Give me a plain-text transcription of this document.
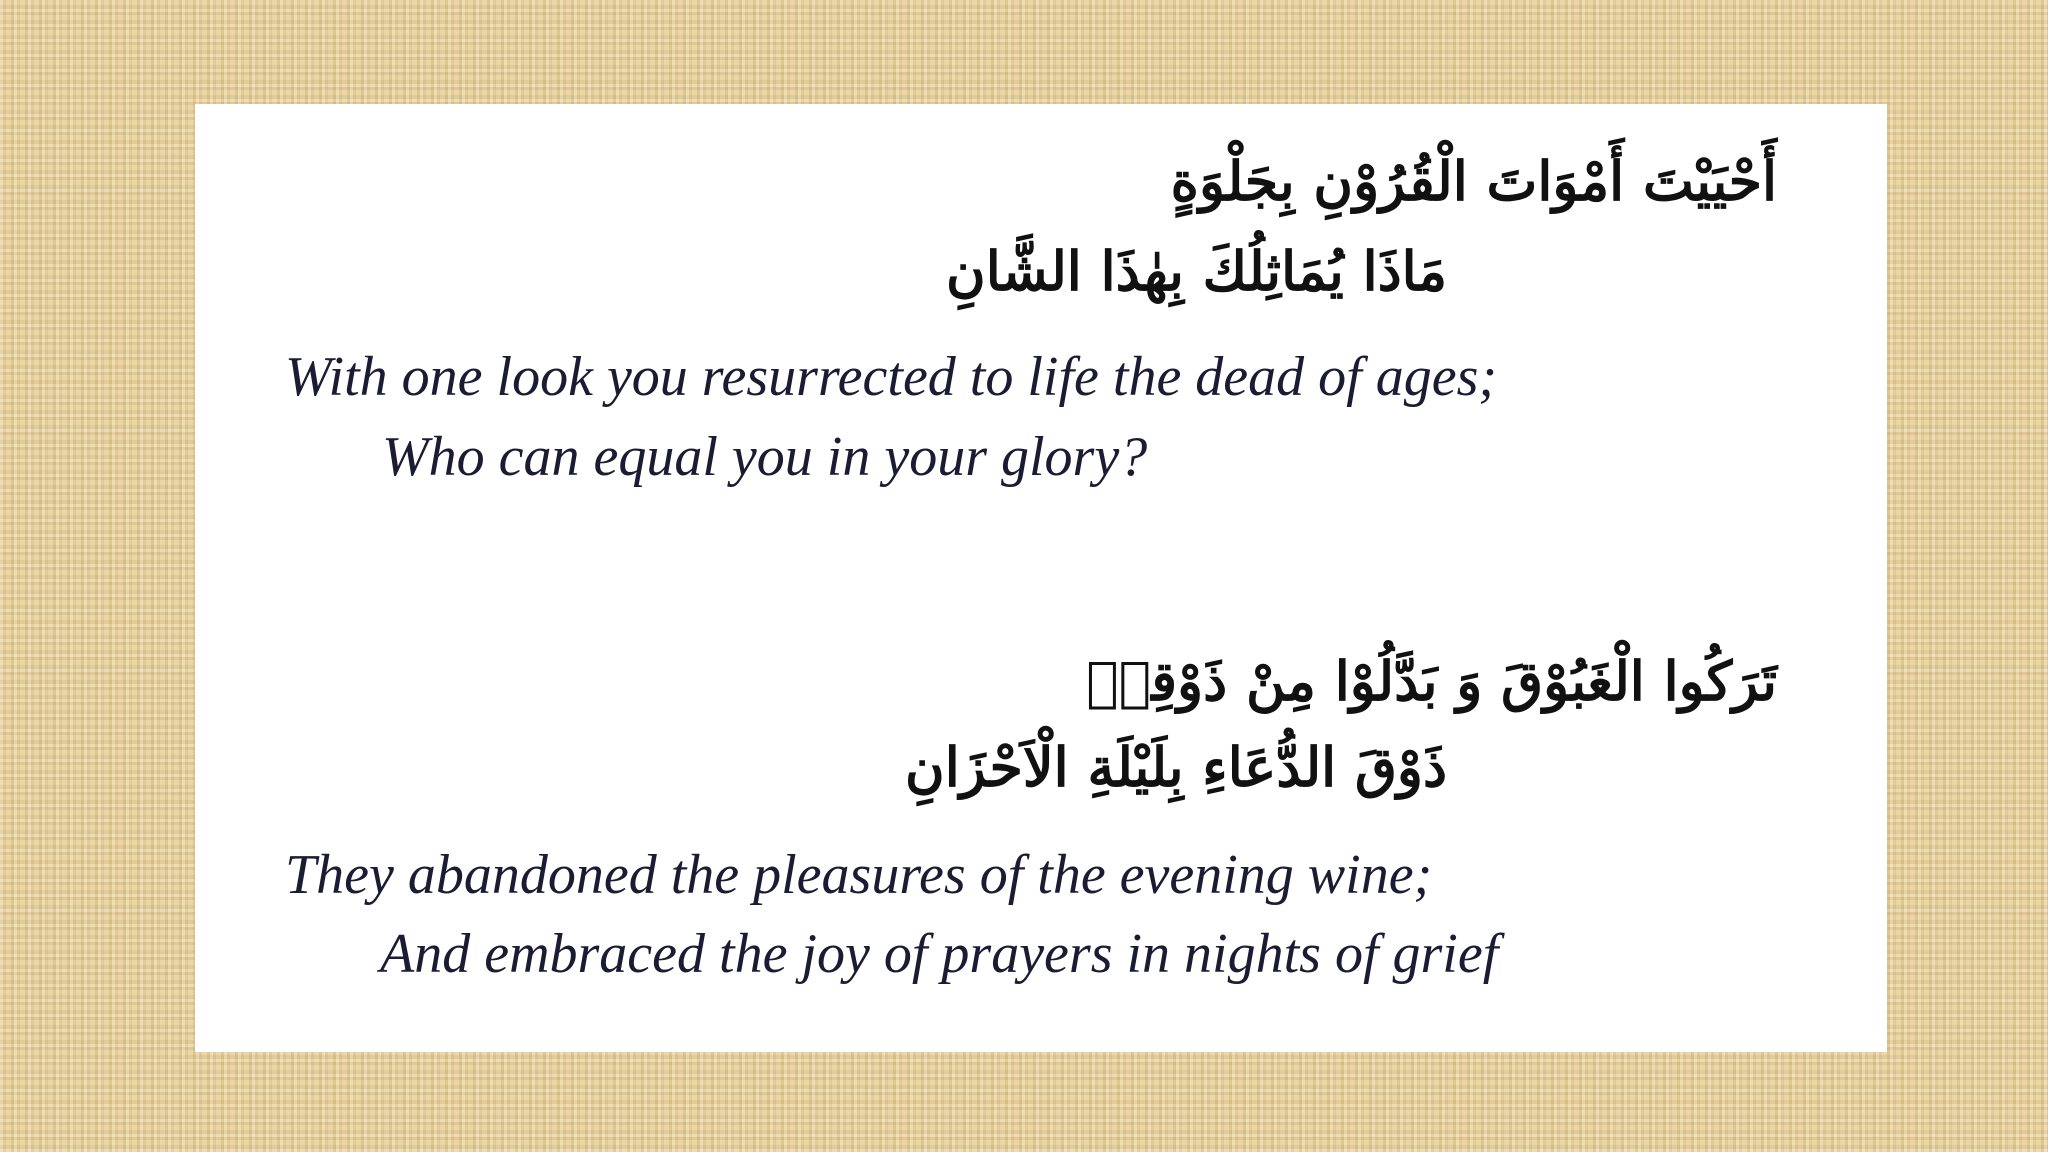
أَحْيَيْتَ أَمْوَاتَ الْقُرُوْنِ بِجَلْوَةٍ
مَاذَا يُمَاثِلُكَ بِهٰذَا الشَّانِ
With one look you resurrected to life the dead of ages;
Who can equal you in your glory?
تَرَكُوا الْغَبُوْقَ وَ بَدَّلُوْا مِنْ ذَوْقِهٖ
ذَوْقَ الدُّعَاءِ بِلَيْلَةِ الْاَحْزَانِ
They abandoned the pleasures of the evening wine;
And embraced the joy of prayers in nights of grief
